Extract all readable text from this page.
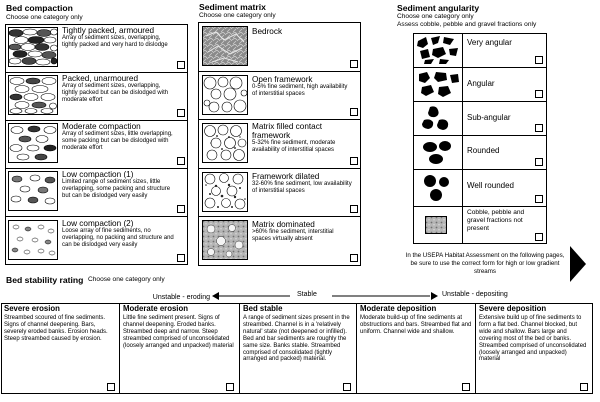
Bed compaction
Choose one category only
Tightly packed, armoured
Array of sediment sizes, overlapping, tightly packed and very hard to dislodge
Packed, unarmoured
Array of sediment sizes, overlapping, tightly packed but can be dislodged with moderate effort
Moderate compaction
Array of sediment sizes, little overlapping, some packing but can be dislodged with moderate effort
Low compaction (1)
Limited range of sediment sizes, little overlapping, some packing and structure but can be dislodged very easily
Low compaction (2)
Loose array of fine sediments, no overlapping, no packing and structure and can be dislodged very easily
Sediment matrix
Choose one category only
Bedrock
Open framework
0-5% fine sediment, high availability of interstitial spaces
Matrix filled contact framework
5-32% fine sediment, moderate availability of interstitial spaces
Framework dilated
32-60% fine sediment, low availability of interstitial spaces
Matrix dominated
>60% fine sediment, interstitial spaces virtually absent
Sediment angularity
Choose one category only
Assess cobble, pebble and gravel fractions only
Very angular
Angular
Sub-angular
Rounded
Well rounded
Cobble, pebble and gravel fractions not present
In the USEPA Habitat Assessment on the following pages, be sure to use the correct form for high or low gradient streams
Bed stability rating Choose one category only
Unstable - eroding	Stable	Unstable - depositing
Severe erosion
Streambed scoured of fine sediments. Signs of channel deepening. Bars, severely eroded banks. Erosion heads. Steep streambed caused by erosion.
Moderate erosion
Little fine sediment present. Signs of channel deepening. Eroded banks. Streambed deep and narrow. Steep streambed comprised of unconsolidated (loosely arranged and unpacked) material
Bed stable
A range of sediment sizes present in the streambed. Channel is in a 'relatively natural' state (not deepened or infilled). Bed and bar sediments are roughly the same size. Banks stable. Streambed comprised of consolidated (tightly arranged and packed) material.
Moderate deposition
Moderate build-up of fine sediments at obstructions and bars. Streambed flat and uniform. Channel wide and shallow.
Severe deposition
Extensive build up of fine sediments to form a flat bed. Channel blocked, but wide and shallow. Bars large and covering most of the bed or banks. Streambed comprised of unconsolidated (loosely arranged and unpacked) material
